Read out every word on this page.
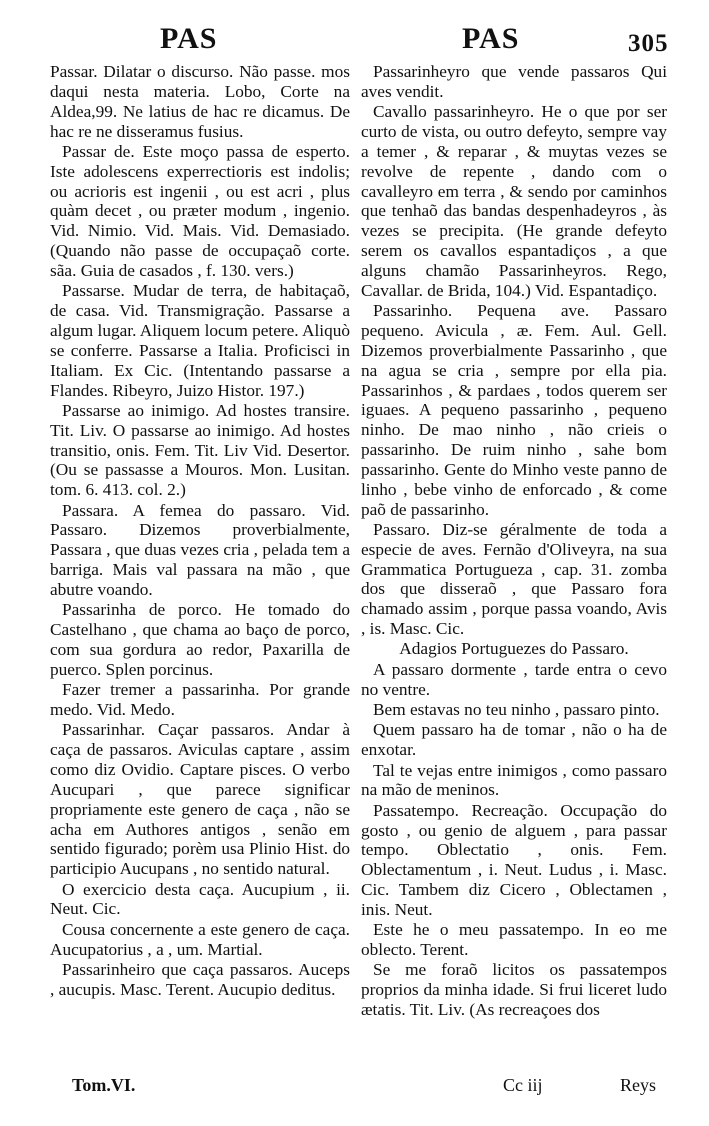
PAS	PAS	305

Passar. Dilatar o discurso. Não passe. mos daqui nesta materia. Lobo, Corte na Aldea,99. Ne latius de hac re dicamus. De hac re ne disseramus fusius.

Passar de. Este moço passa de esperto. Iste adolescens experrectioris est indolis; ou acrioris est ingenii , ou est acri , plus quàm decet , ou præter modum , ingenio. Vid. Nimio. Vid. Mais. Vid. Demasiado. (Quando não passe de occupaçaõ corte. sãa. Guia de casados , f. 130. vers.)

Passarse. Mudar de terra, de habitaçaõ, de casa. Vid. Transmigração. Passarse a algum lugar. Aliquem locum petere. Aliquò se conferre. Passarse a Italia. Proficisci in Italiam. Ex Cic. (Intentando passarse a Flandes. Ribeyro, Juizo Histor. 197.)

Passarse ao inimigo. Ad hostes transire. Tit. Liv. O passarse ao inimigo. Ad hostes transitio, onis. Fem. Tit. Liv Vid. Desertor. (Ou se passasse a Mouros. Mon. Lusitan. tom. 6. 413. col. 2.)

Passara. A femea do passaro. Vid. Passaro. Dizemos proverbialmente, Passara , que duas vezes cria , pelada tem a barriga. Mais val passara na mão , que abutre voando.

Passarinha de porco. He tomado do Castelhano , que chama ao baço de porco, com sua gordura ao redor, Paxarilla de puerco. Splen porcinus.

Fazer tremer a passarinha. Por grande medo. Vid. Medo.

Passarinhar. Caçar passaros. Andar à caça de passaros. Aviculas captare , assim como diz Ovidio. Captare pisces. O verbo Aucupari , que parece significar propriamente este genero de caça , não se acha em Authores antigos , senão em sentido figurado; porèm usa Plinio Hist. do participio Aucupans , no sentido natural.

O exercicio desta caça. Aucupium , ii. Neut. Cic.

Cousa concernente a este genero de caça. Aucupatorius , a , um. Martial.

Passarinheiro que caça passaros. Auceps , aucupis. Masc. Terent. Aucupio deditus.

Passarinheyro que vende passaros Qui aves vendit.

Cavallo passarinheyro. He o que por ser curto de vista, ou outro defeyto, sempre vay a temer , & reparar , & muytas vezes se revolve de repente , dando com o cavalleyro em terra , & sendo por caminhos que tenhaõ das bandas despenhadeyros , às vezes se precipita. (He grande defeyto serem os cavallos espantadiços , a que alguns chamão Passarinheyros. Rego, Cavallar. de Brida, 104.) Vid. Espantadiço.

Passarinho. Pequena ave. Passaro pequeno. Avicula , æ. Fem. Aul. Gell. Dizemos proverbialmente Passarinho , que na agua se cria , sempre por ella pia. Passarinhos , & pardaes , todos querem ser iguaes. A pequeno passarinho , pequeno ninho. De mao ninho , não crieis o passarinho. De ruim ninho , sahe bom passarinho. Gente do Minho veste panno de linho , bebe vinho de enforcado , & come paõ de passarinho.

Passaro. Diz-se géralmente de toda a especie de aves. Fernão d'Oliveyra, na sua Grammatica Portugueza , cap. 31. zomba dos que disseraõ , que Passaro fora chamado assim , porque passa voando, Avis , is. Masc. Cic.

Adagios Portuguezes do Passaro.

A passaro dormente , tarde entra o cevo no ventre.

Bem estavas no teu ninho , passaro pinto.

Quem passaro ha de tomar , não o ha de enxotar.

Tal te vejas entre inimigos , como passaro na mão de meninos.

Passatempo. Recreação. Occupação do gosto , ou genio de alguem , para passar tempo. Oblectatio , onis. Fem. Oblectamentum , i. Neut. Ludus , i. Masc. Cic. Tambem diz Cicero , Oblectamen , inis. Neut.

Este he o meu passatempo. In eo me oblecto. Terent.

Se me foraõ licitos os passatempos proprios da minha idade. Si frui liceret ludo ætatis. Tit. Liv. (As recreaçoes dos

Tom.VI.	Cc iij	Reys
